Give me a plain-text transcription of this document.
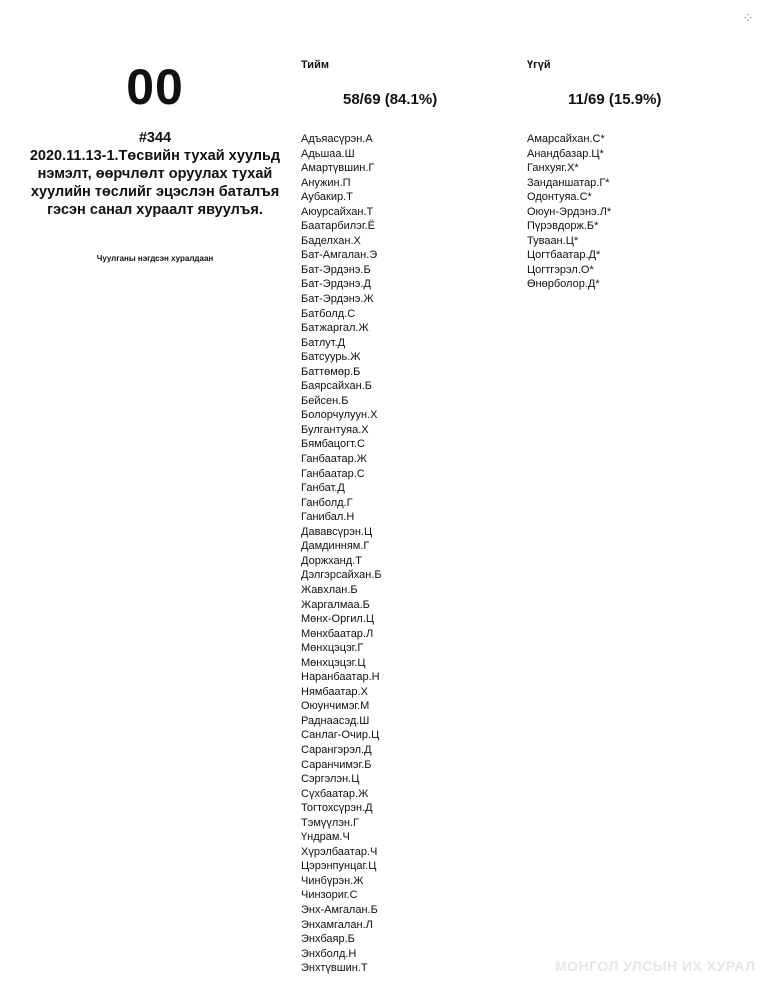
00
#344
2020.11.13-1.Төсвийн тухай хуульд нэмэлт, өөрчлөлт оруулах тухай хуулийн төслийг эцэслэн баталъя гэсэн санал хураалт явуулъя.
Чуулганы нэгдсэн хуралдаан
Тийм	Үгүй
58/69 (84.1%)	11/69 (15.9%)
Адъяасүрэн.А
Адьшаа.Ш
Амартүвшин.Г
Анужин.П
Аубакир.Т
Аюурсайхан.Т
Баатарбилэг.Ё
Баделхан.Х
Бат-Амгалан.Э
Бат-Эрдэнэ.Б
Бат-Эрдэнэ.Д
Бат-Эрдэнэ.Ж
Батболд.С
Батжаргал.Ж
Батлут.Д
Батсуурь.Ж
Баттөмөр.Б
Баярсайхан.Б
Бейсен.Б
Болорчулуун.Х
Булгантуяа.Х
Бямбацогт.С
Ганбаатар.Ж
Ганбаатар.С
Ганбат.Д
Ганболд.Г
Ганибал.Н
Дававсүрэн.Ц
Дамдинням.Г
Доржханд.Т
Дэлгэрсайхан.Б
Жавхлан.Б
Жаргалмаа.Б
Мөнх-Оргил.Ц
Мөнхбаатар.Л
Мөнхцэцэг.Г
Мөнхцэцэг.Ц
Наранбаатар.Н
Нямбаатар.Х
Оюунчимэг.М
Раднаасэд.Ш
Санлаг-Очир.Ц
Сарангэрэл.Д
Саранчимэг.Б
Сэргэлэн.Ц
Сүхбаатар.Ж
Тогтохсүрэн.Д
Тэмүүлэн.Г
Үндрам.Ч
Хүрэлбаатар.Ч
Цэрэнпунцаг.Ц
Чинбүрэн.Ж
Чинзориг.С
Энх-Амгалан.Б
Энхамгалан.Л
Энхбаяр.Б
Энхболд.Н
Энхтүвшин.Т
Амарсайхан.С*
Анандбазар.Ц*
Ганхуяг.Х*
Занданшатар.Г*
Одонтуяа.С*
Оюун-Эрдэнэ.Л*
Пүрэвдорж.Б*
Туваан.Ц*
Цогтбаатар.Д*
Цогтгэрэл.О*
Өнөрболор.Д*
⁘
МОНГОЛ УЛСЫН ИХ ХУРАЛ
